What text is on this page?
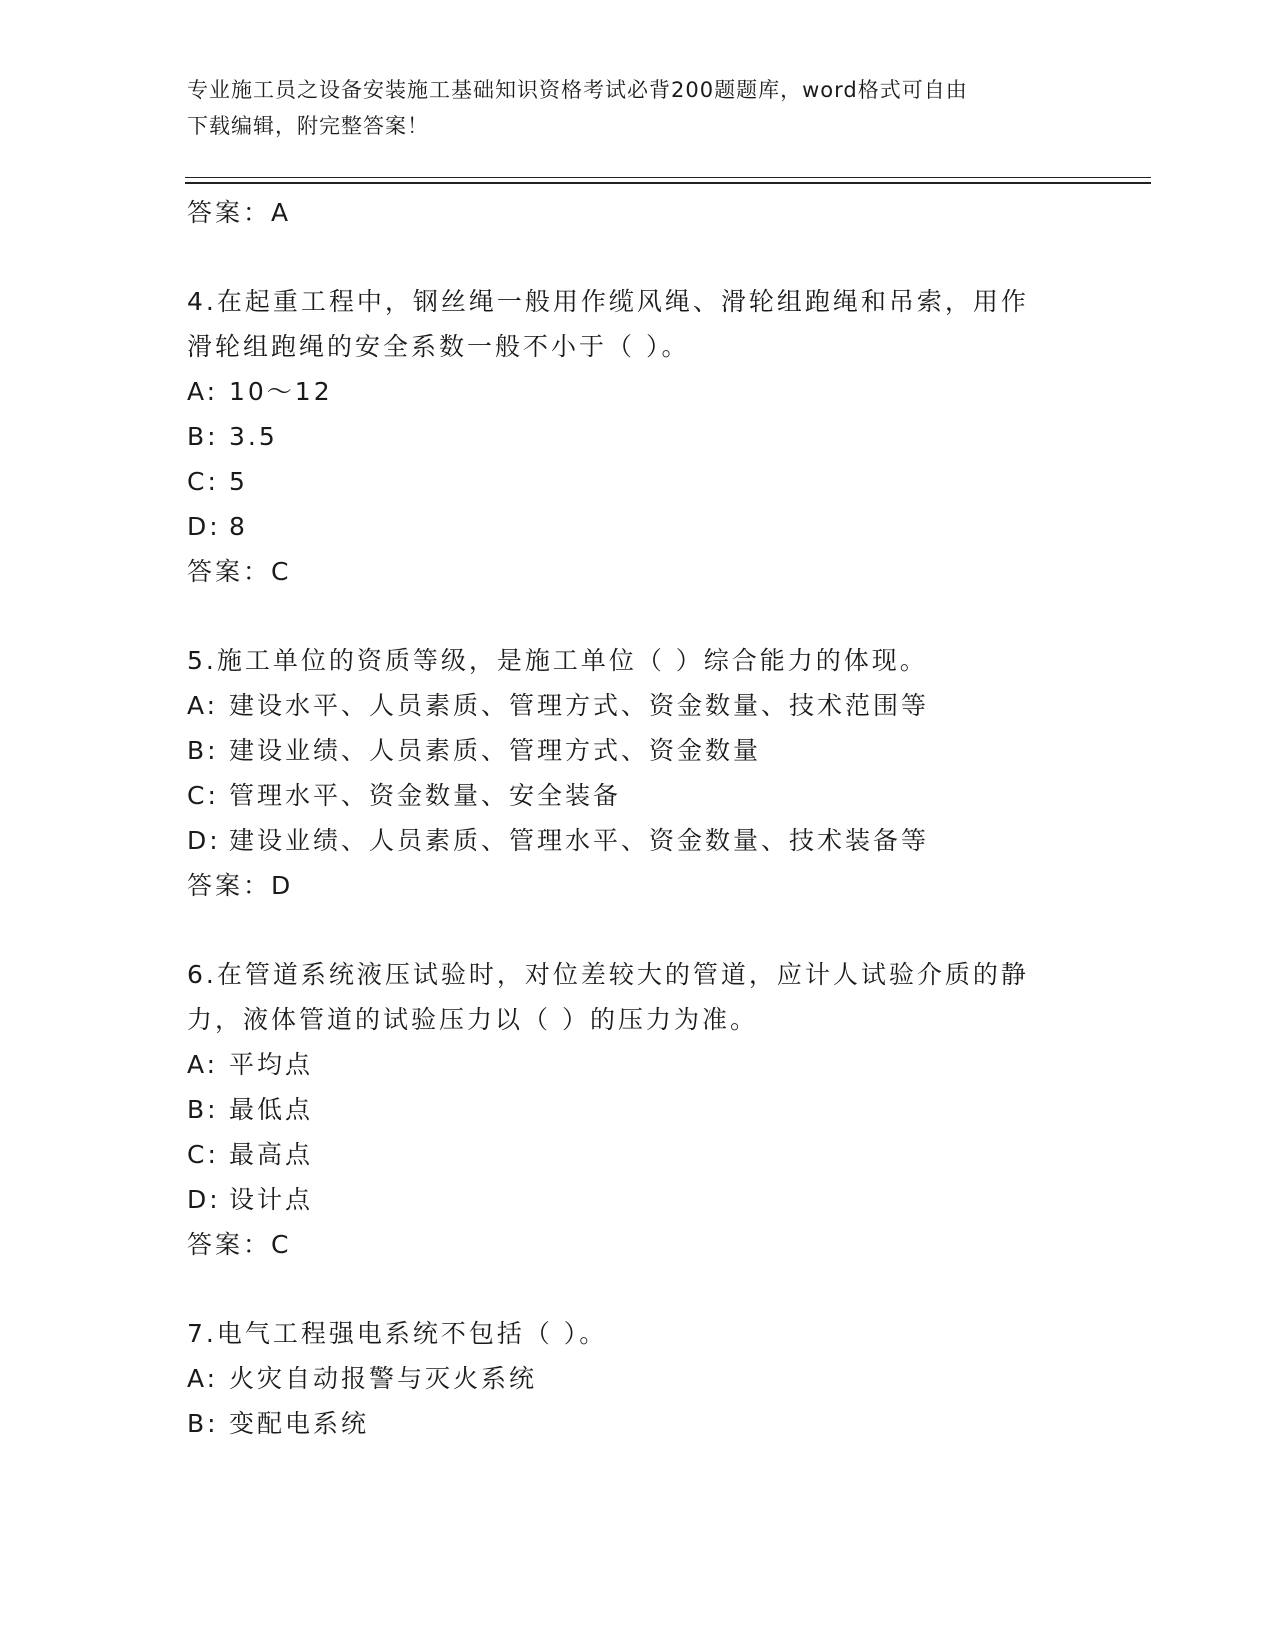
专业施工员之设备安装施工基础知识资格考试必背200题题库，word格式可自由
下载编辑，附完整答案！
答案：A
4.在起重工程中，钢丝绳一般用作缆风绳、滑轮组跑绳和吊索，用作
滑轮组跑绳的安全系数一般不小于（ ）。
A: 10～12
B: 3.5
C: 5
D: 8
答案：C
5.施工单位的资质等级，是施工单位（ ）综合能力的体现。
A: 建设水平、人员素质、管理方式、资金数量、技术范围等
B: 建设业绩、人员素质、管理方式、资金数量
C: 管理水平、资金数量、安全装备
D: 建设业绩、人员素质、管理水平、资金数量、技术装备等
答案：D
6.在管道系统液压试验时，对位差较大的管道，应计人试验介质的静
力，液体管道的试验压力以（ ）的压力为准。
A: 平均点
B: 最低点
C: 最高点
D: 设计点
答案：C
7.电气工程强电系统不包括（ ）。
A: 火灾自动报警与灭火系统
B: 变配电系统
